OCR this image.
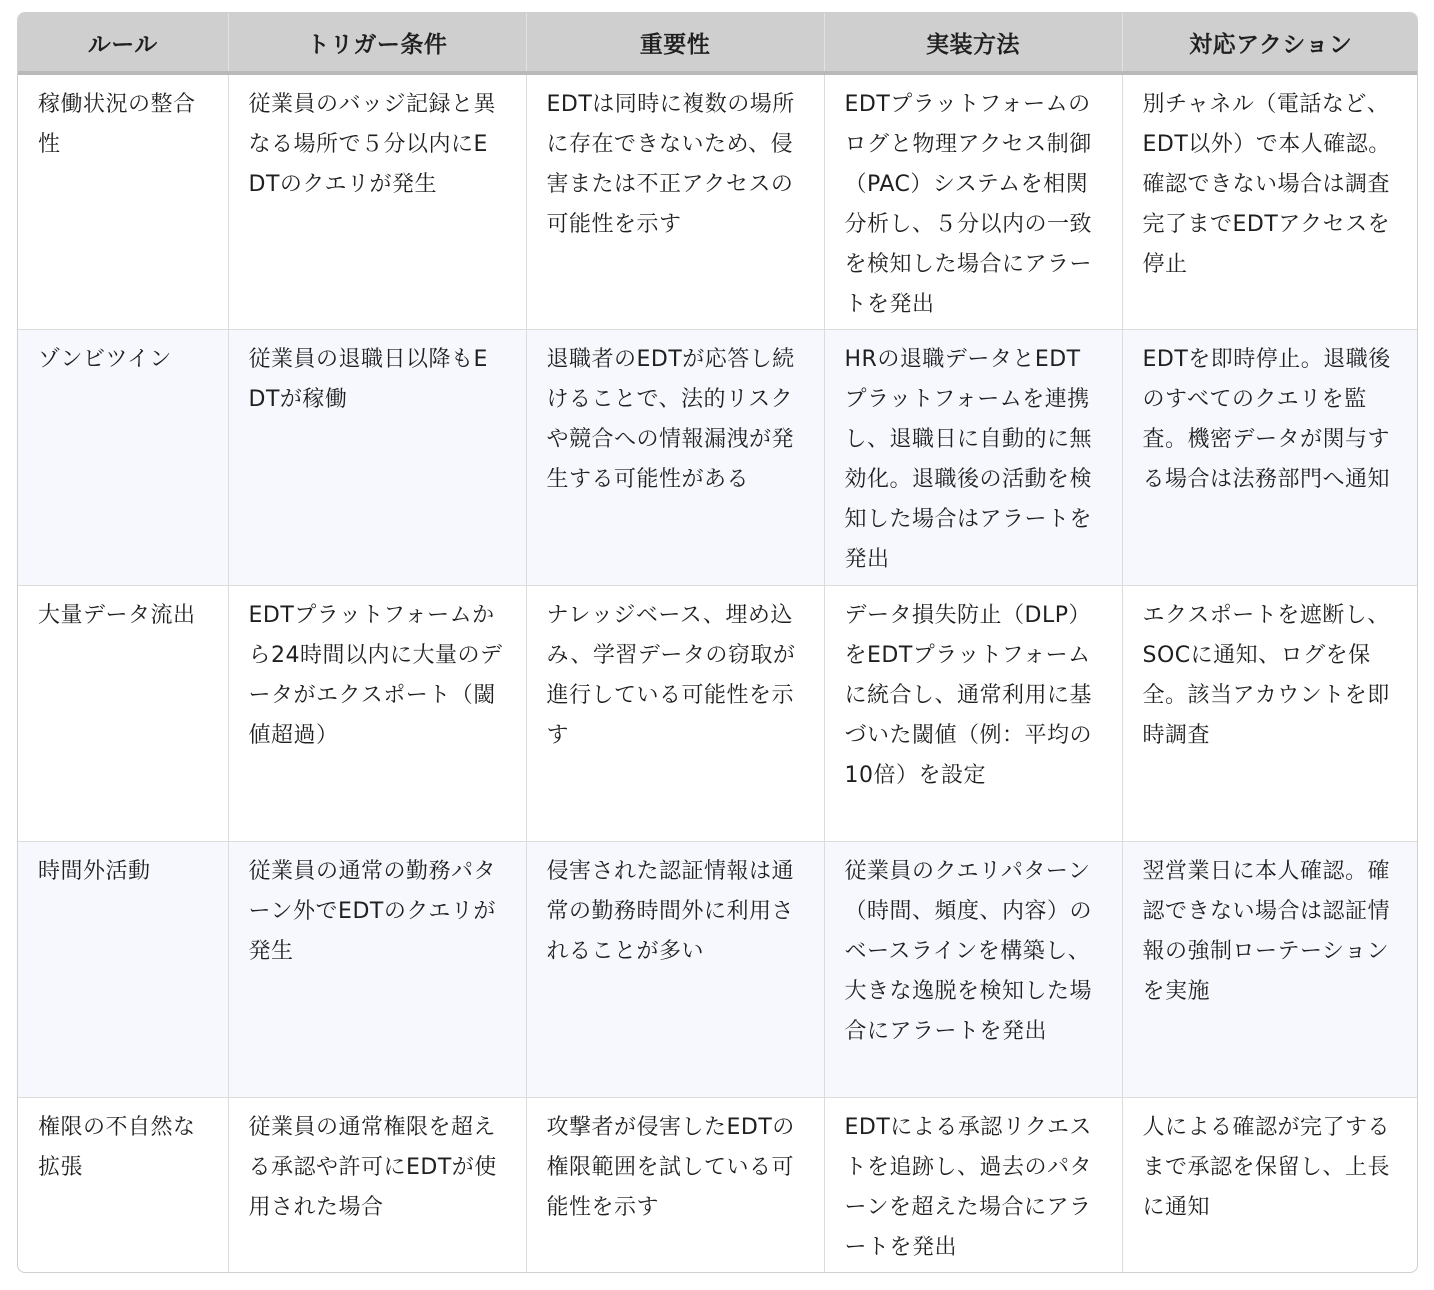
ルール	トリガー条件	重要性	実装方法	対応アクション
稼働状況の整合性	従業員のバッジ記録と異なる場所で５分以内にEDTのクエリが発生	EDTは同時に複数の場所に存在できないため、侵害または不正アクセスの可能性を示す	EDTプラットフォームのログと物理アクセス制御（PAC）システムを相関分析し、５分以内の一致を検知した場合にアラートを発出	別チャネル（電話など、EDT以外）で本人確認。確認できない場合は調査完了までEDTアクセスを停止
ゾンビツイン	従業員の退職日以降もEDTが稼働	退職者のEDTが応答し続けることで、法的リスクや競合への情報漏洩が発生する可能性がある	HRの退職データとEDTプラットフォームを連携し、退職日に自動的に無効化。退職後の活動を検知した場合はアラートを発出	EDTを即時停止。退職後のすべてのクエリを監査。機密データが関与する場合は法務部門へ通知
大量データ流出	EDTプラットフォームから24時間以内に大量のデータがエクスポート（閾値超過）	ナレッジベース、埋め込み、学習データの窃取が進行している可能性を示す	データ損失防止（DLP）をEDTプラットフォームに統合し、通常利用に基づいた閾値（例：平均の10倍）を設定	エクスポートを遮断し、SOCに通知、ログを保全。該当アカウントを即時調査
時間外活動	従業員の通常の勤務パターン外でEDTのクエリが発生	侵害された認証情報は通常の勤務時間外に利用されることが多い	従業員のクエリパターン（時間、頻度、内容）のベースラインを構築し、大きな逸脱を検知した場合にアラートを発出	翌営業日に本人確認。確認できない場合は認証情報の強制ローテーションを実施
権限の不自然な拡張	従業員の通常権限を超える承認や許可にEDTが使用された場合	攻撃者が侵害したEDTの権限範囲を試している可能性を示す	EDTによる承認リクエストを追跡し、過去のパターンを超えた場合にアラートを発出	人による確認が完了するまで承認を保留し、上長に通知
